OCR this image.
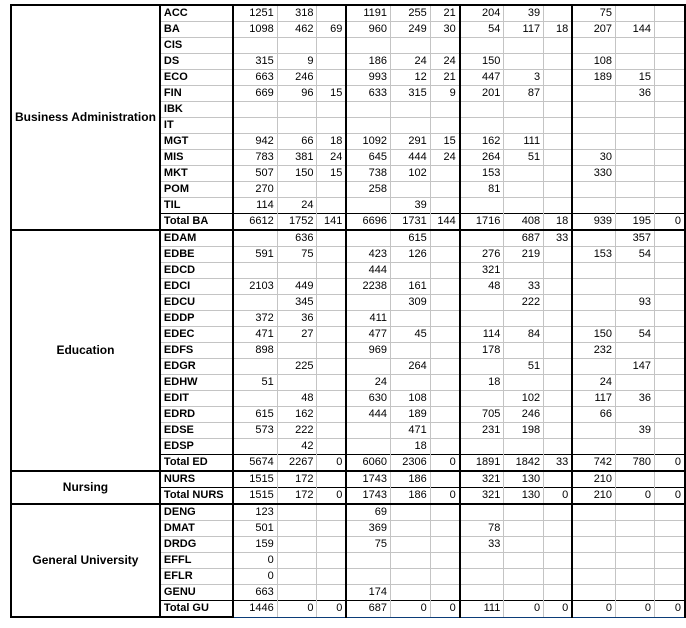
Business Administration	ACC	1251	318		1191	255	21	204	39		75		
	BA	1098	462	69	960	249	30	54	117	18	207	144	
	CIS												
	DS	315	9		186	24	24	150			108		
	ECO	663	246		993	12	21	447	3		189	15	
	FIN	669	96	15	633	315	9	201	87			36	
	IBK												
	IT												
	MGT	942	66	18	1092	291	15	162	111				
	MIS	783	381	24	645	444	24	264	51		30		
	MKT	507	150	15	738	102		153			330		
	POM	270			258			81					
	TIL	114	24			39							
	Total BA	6612	1752	141	6696	1731	144	1716	408	18	939	195	0
Education	EDAM		636			615			687	33		357	
	EDBE	591	75		423	126		276	219		153	54	
	EDCD				444			321					
	EDCI	2103	449		2238	161		48	33				
	EDCU		345			309			222			93	
	EDDP	372	36		411								
	EDEC	471	27		477	45		114	84		150	54	
	EDFS	898			969			178			232		
	EDGR		225			264			51			147	
	EDHW	51			24			18			24		
	EDIT		48		630	108			102		117	36	
	EDRD	615	162		444	189		705	246		66		
	EDSE	573	222			471		231	198			39	
	EDSP		42			18							
	Total ED	5674	2267	0	6060	2306	0	1891	1842	33	742	780	0
Nursing	NURS	1515	172		1743	186		321	130		210		
	Total NURS	1515	172	0	1743	186	0	321	130	0	210	0	0
General University	DENG	123			69								
	DMAT	501			369			78					
	DRDG	159			75			33					
	EFFL	0											
	EFLR	0											
	GENU	663			174								
	Total GU	1446	0	0	687	0	0	111	0	0	0	0	0
